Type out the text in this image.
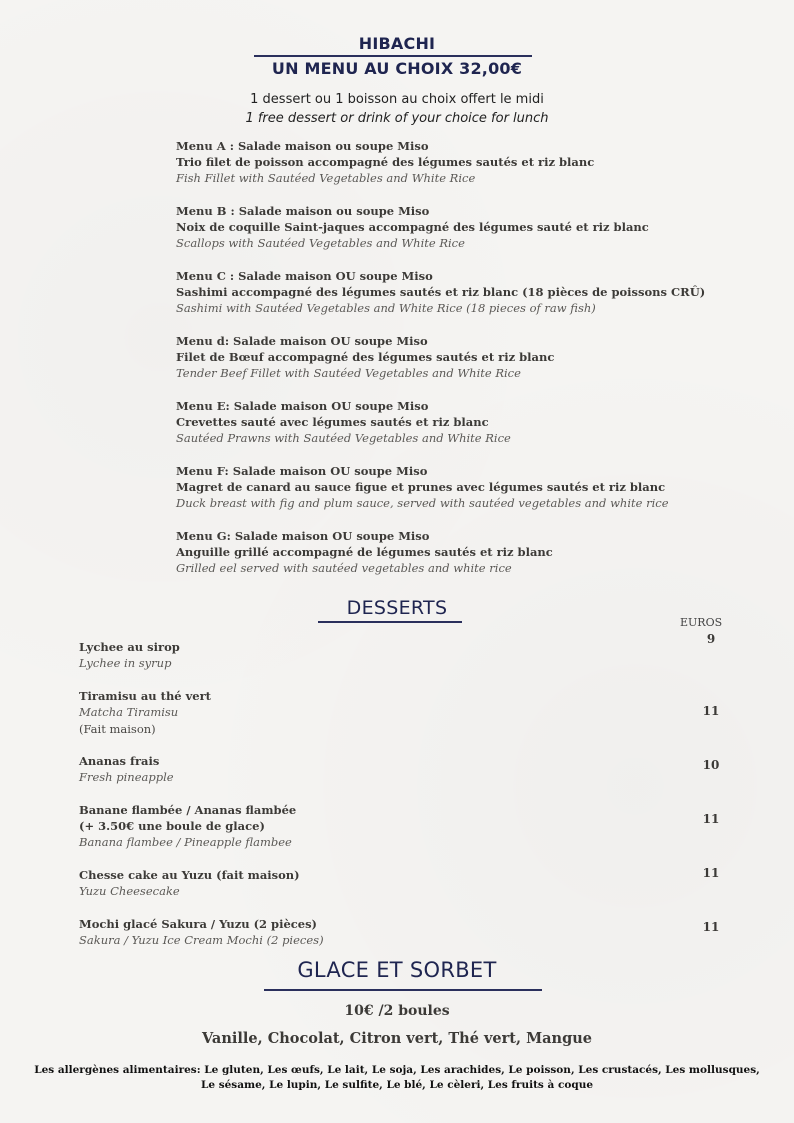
HIBACHI
UN MENU AU CHOIX 32,00€
1 dessert ou 1 boisson au choix offert le midi
1 free dessert or drink of your choice for lunch
Menu A : Salade maison ou soupe Miso
Trio filet de poisson accompagné des légumes sautés et riz blanc
Fish Fillet with Sautéed Vegetables and White Rice
Menu B : Salade maison ou soupe Miso
Noix de coquille Saint-jaques accompagné des légumes sauté et riz blanc
Scallops with Sautéed Vegetables and White Rice
Menu C : Salade maison OU soupe Miso
Sashimi accompagné des légumes sautés et riz blanc (18 pièces de poissons CRÛ)
Sashimi with Sautéed Vegetables and White Rice (18 pieces of raw fish)
Menu d: Salade maison OU soupe Miso
Filet de Bœuf accompagné des légumes sautés et riz blanc
Tender Beef Fillet with Sautéed Vegetables and White Rice
Menu E: Salade maison OU soupe Miso
Crevettes sauté avec légumes sautés et riz blanc
Sautéed Prawns with Sautéed Vegetables and White Rice
Menu F: Salade maison OU soupe Miso
Magret de canard au sauce figue et prunes avec légumes sautés et riz blanc
Duck breast with fig and plum sauce, served with sautéed vegetables and white rice
Menu G: Salade maison OU soupe Miso
Anguille grillé accompagné de légumes sautés et riz blanc
Grilled eel served with sautéed vegetables and white rice
DESSERTS
EUROS
Lychee au sirop
Lychee in syrup
9
Tiramisu au thé vert
Matcha Tiramisu
(Fait maison)
11
Ananas frais
Fresh pineapple
10
Banane flambée / Ananas flambée
(+ 3.50€ une boule de glace)
Banana flambee / Pineapple flambee
11
Chesse cake au Yuzu (fait maison)
Yuzu Cheesecake
11
Mochi glacé Sakura / Yuzu (2 pièces)
Sakura / Yuzu Ice Cream Mochi (2 pieces)
11
GLACE ET SORBET
10€ /2 boules
Vanille, Chocolat, Citron vert, Thé vert, Mangue
Les allergènes alimentaires: Le gluten, Les œufs, Le lait, Le soja, Les arachides, Le poisson, Les crustacés, Les mollusques,
Le sésame, Le lupin, Le sulfite, Le blé, Le cèleri, Les fruits à coque
